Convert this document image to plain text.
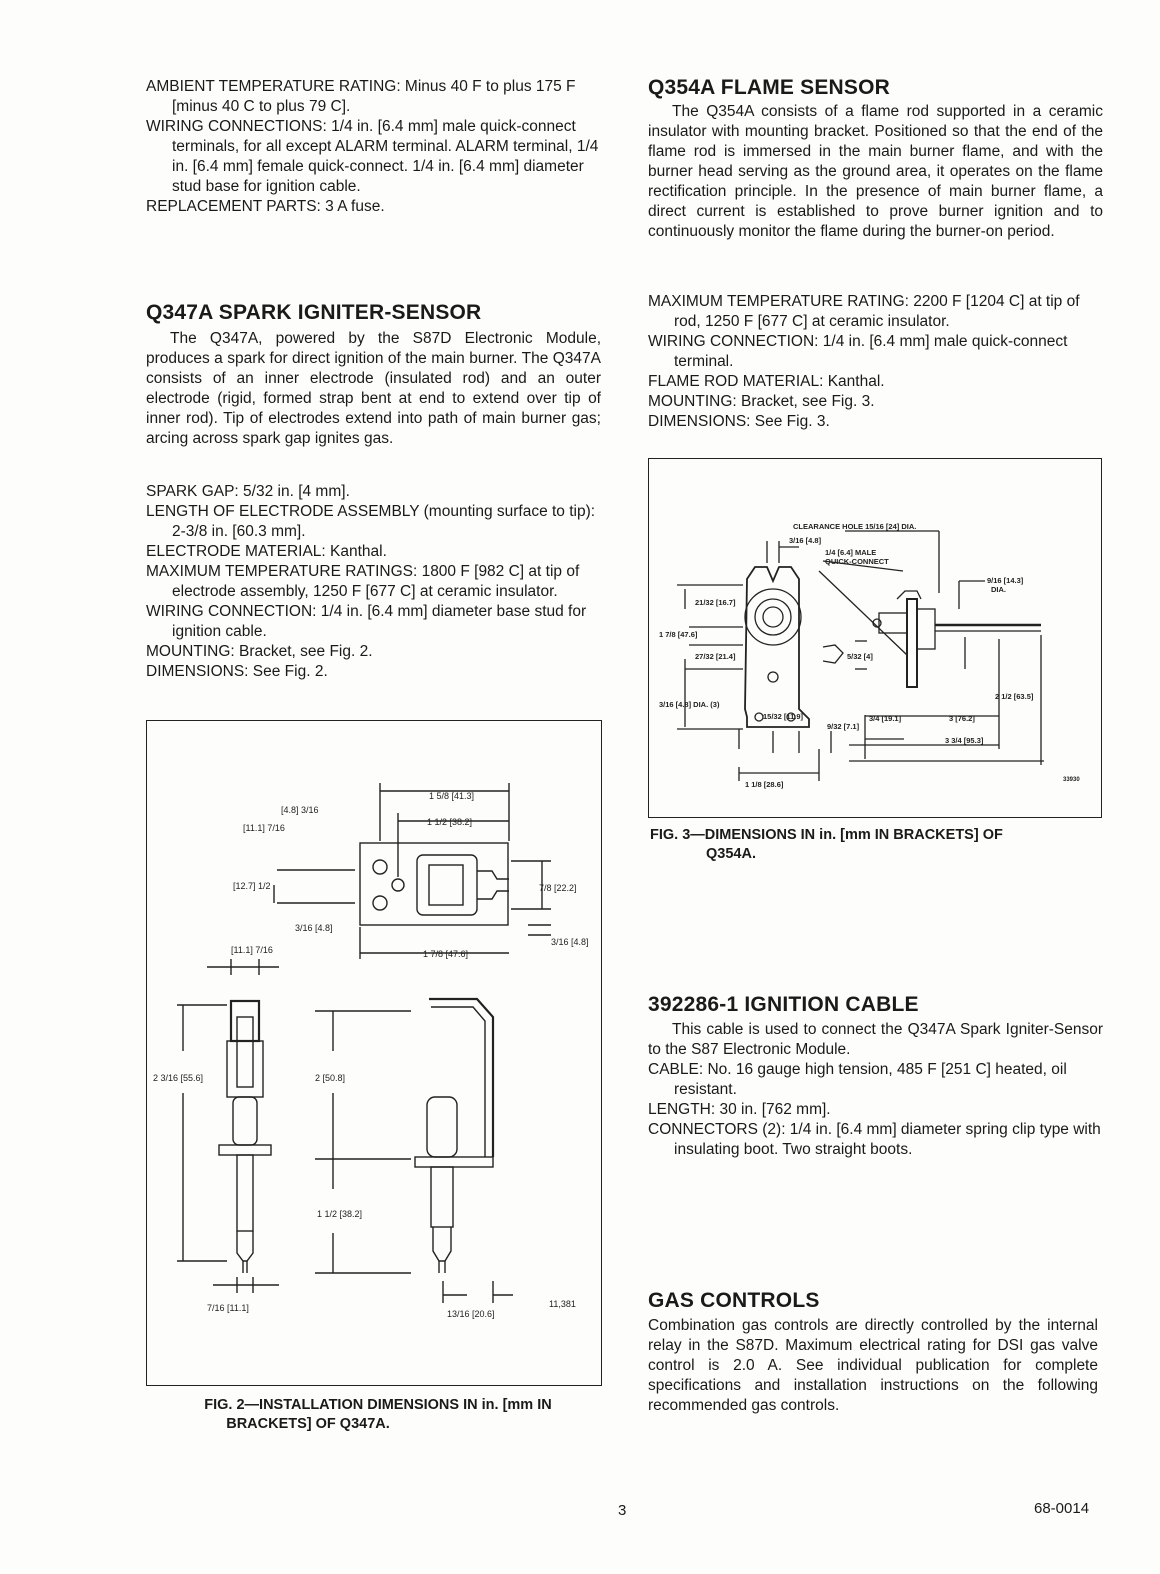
AMBIENT TEMPERATURE RATING: Minus 40 F to plus 175 F [minus 40 C to plus 79 C].

WIRING CONNECTIONS: 1/4 in. [6.4 mm] male quick-connect terminals, for all except ALARM terminal. ALARM terminal, 1/4 in. [6.4 mm] female quick-connect. 1/4 in. [6.4 mm] diameter stud base for ignition cable.

REPLACEMENT PARTS: 3 A fuse.

Q347A SPARK IGNITER-SENSOR

The Q347A, powered by the S87D Electronic Module, produces a spark for direct ignition of the main burner. The Q347A consists of an inner electrode (insulated rod) and an outer electrode (rigid, formed strap bent at end to extend over tip of inner rod). Tip of electrodes extend into path of main burner gas; arcing across spark gap ignites gas.

SPARK GAP: 5/32 in. [4 mm].

LENGTH OF ELECTRODE ASSEMBLY (mounting surface to tip): 2-3/8 in. [60.3 mm].

ELECTRODE MATERIAL: Kanthal.

MAXIMUM TEMPERATURE RATINGS: 1800 F [982 C] at tip of electrode assembly, 1250 F [677 C] at ceramic insulator.

WIRING CONNECTION: 1/4 in. [6.4 mm] diameter base stud for ignition cable.

MOUNTING: Bracket, see Fig. 2.

DIMENSIONS: See Fig. 2.

1 5/8 [41.3]
1 1/2 [38.2]
[4.8] 3/16
[11.1] 7/16
[12.7] 1/2	7/8 [22.2]
3/16 [4.8]
1 7/8 [47.6]
3/16 [4.8]
[11.1] 7/16
2 3/16 [55.6]	2 [50.8]
1 1/2 [38.2]
7/16 [11.1]
13/16 [20.6]
11,381
FIG. 2—INSTALLATION DIMENSIONS IN in. [mm IN
BRACKETS] OF Q347A.
Q354A FLAME SENSOR

The Q354A consists of a flame rod supported in a ceramic insulator with mounting bracket. Positioned so that the end of the flame rod is immersed in the main burner flame, and with the burner head serving as the ground area, it operates on the flame rectification principle. In the presence of main burner flame, a direct current is established to prove burner ignition and to continuously monitor the flame during the burner-on period.

MAXIMUM TEMPERATURE RATING: 2200 F [1204 C] at tip of rod, 1250 F [677 C] at ceramic insulator.

WIRING CONNECTION: 1/4 in. [6.4 mm] male quick-connect terminal.

FLAME ROD MATERIAL: Kanthal.

MOUNTING: Bracket, see Fig. 3.

DIMENSIONS: See Fig. 3.

CLEARANCE HOLE 15/16 [24] DIA.
3/16 [4.8]
1/4 [6.4] MALE
QUICK-CONNECT
9/16 [14.3]
DIA.
21/32 [16.7]
1 7/8 [47.6]
27/32 [21.4]	5/32 [4]
3/16 [4.8] DIA. (3)
15/32 [11.9]
9/32 [7.1]
3/4 [19.1]	3 [76.2]
2 1/2 [63.5]
3 3/4 [95.3]
1 1/8 [28.6]	33930
FIG. 3—DIMENSIONS IN in. [mm IN BRACKETS] OF
Q354A.
392286-1 IGNITION CABLE

This cable is used to connect the Q347A Spark Igniter-Sensor to the S87 Electronic Module.

CABLE: No. 16 gauge high tension, 485 F [251 C] heated, oil resistant.

LENGTH: 30 in. [762 mm].

CONNECTORS (2): 1/4 in. [6.4 mm] diameter spring clip type with insulating boot. Two straight boots.

GAS CONTROLS

Combination gas controls are directly controlled by the internal relay in the S87D. Maximum electrical rating for DSI gas valve control is 2.0 A. See individual publication for complete specifications and installation instructions on the following recommended gas controls.

3	68-0014
